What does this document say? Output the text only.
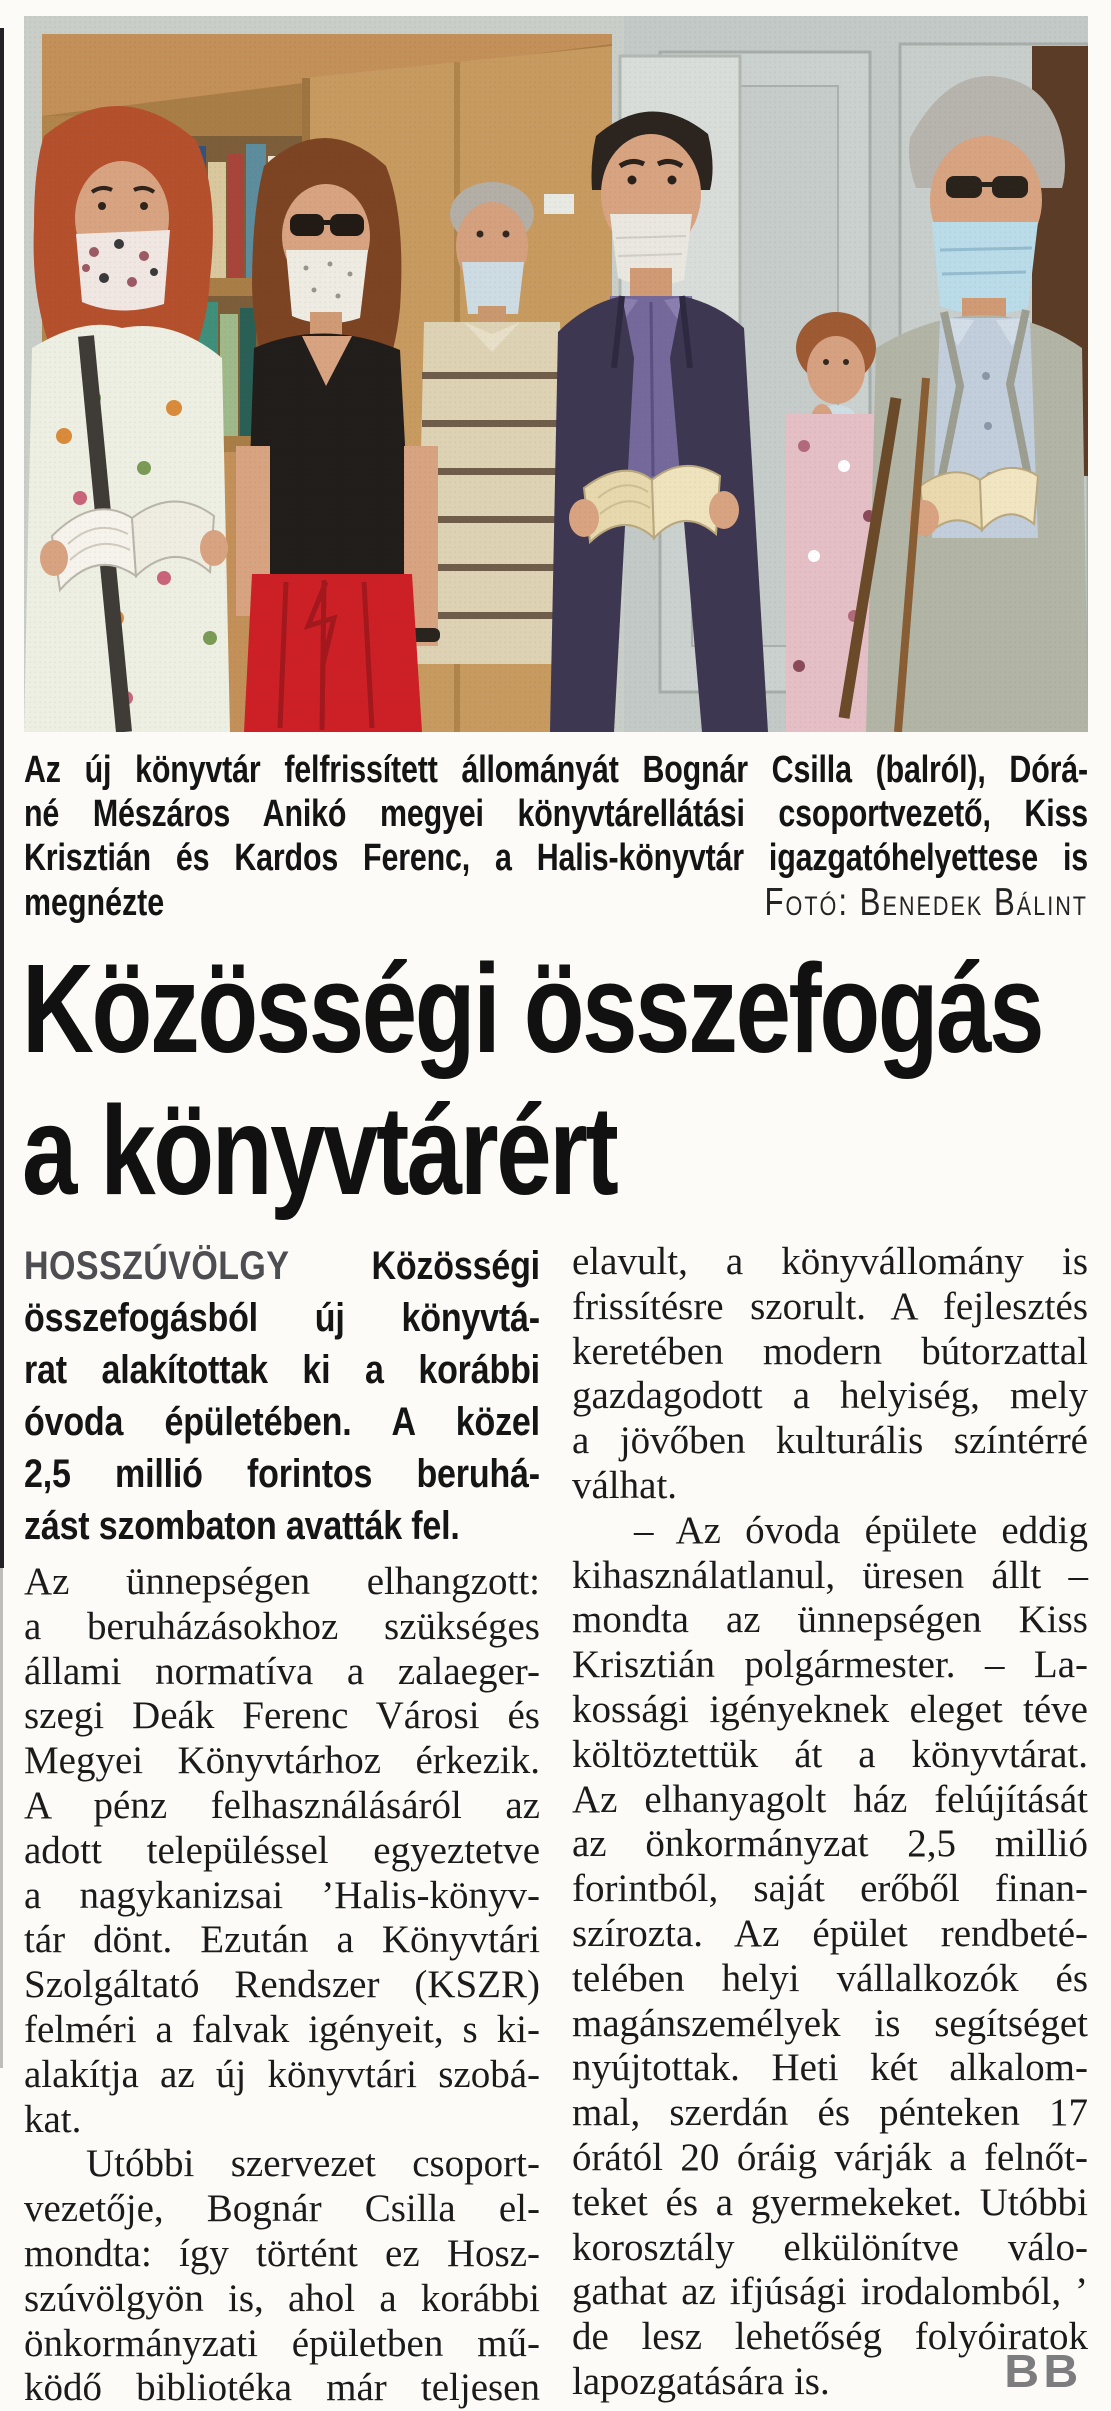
Az új könyvtár felfrissített állományát Bognár Csilla (balról), Dórá-
né Mészáros Anikó megyei könyvtárellátási csoportvezető, Kiss
Krisztián és Kardos Ferenc, a Halis-könyvtár igazgatóhelyettese is
megnézte	Fotó: Benedek Bálint
Közösségi összefogás
a könyvtárért
HOSSZÚVÖLGY Közösségi
összefogásból új könyvtá-
rat alakítottak ki a korábbi
óvoda épületében. A közel
2,5 millió forintos beruhá-
zást szombaton avatták fel.
Az ünnepségen elhangzott:
a beruházásokhoz szükséges
állami normatíva a zalaeger-
szegi Deák Ferenc Városi és
Megyei Könyvtárhoz érkezik.
A pénz felhasználásáról az
adott településsel egyeztetve
a nagykanizsai ’Halis-könyv-
tár dönt. Ezután a Könyvtári
Szolgáltató Rendszer (KSZR)
felméri a falvak igényeit, s ki-
alakítja az új könyvtári szobá-
kat.
Utóbbi szervezet csoport-
vezetője, Bognár Csilla el-
mondta: így történt ez Hosz-
szúvölgyön is, ahol a korábbi
önkormányzati épületben mű-
ködő bibliotéka már teljesen
elavult, a könyvállomány is
frissítésre szorult. A fejlesztés
keretében modern bútorzattal
gazdagodott a helyiség, mely
a jövőben kulturális színtérré
válhat.
– Az óvoda épülete eddig
kihasználatlanul, üresen állt –
mondta az ünnepségen Kiss
Krisztián polgármester. – La-
kossági igényeknek eleget téve
költöztettük át a könyvtárat.
Az elhanyagolt ház felújítását
az önkormányzat 2,5 millió
forintból, saját erőből finan-
szírozta. Az épület rendbeté-
telében helyi vállalkozók és
magánszemélyek is segítséget
nyújtottak. Heti két alkalom-
mal, szerdán és pénteken 17
órától 20 óráig várják a felnőt-
teket és a gyermekeket. Utóbbi
korosztály elkülönítve válo-
gathat az ifjúsági irodalomból, ’
de lesz lehetőség folyóiratok
lapozgatására is.	BB
